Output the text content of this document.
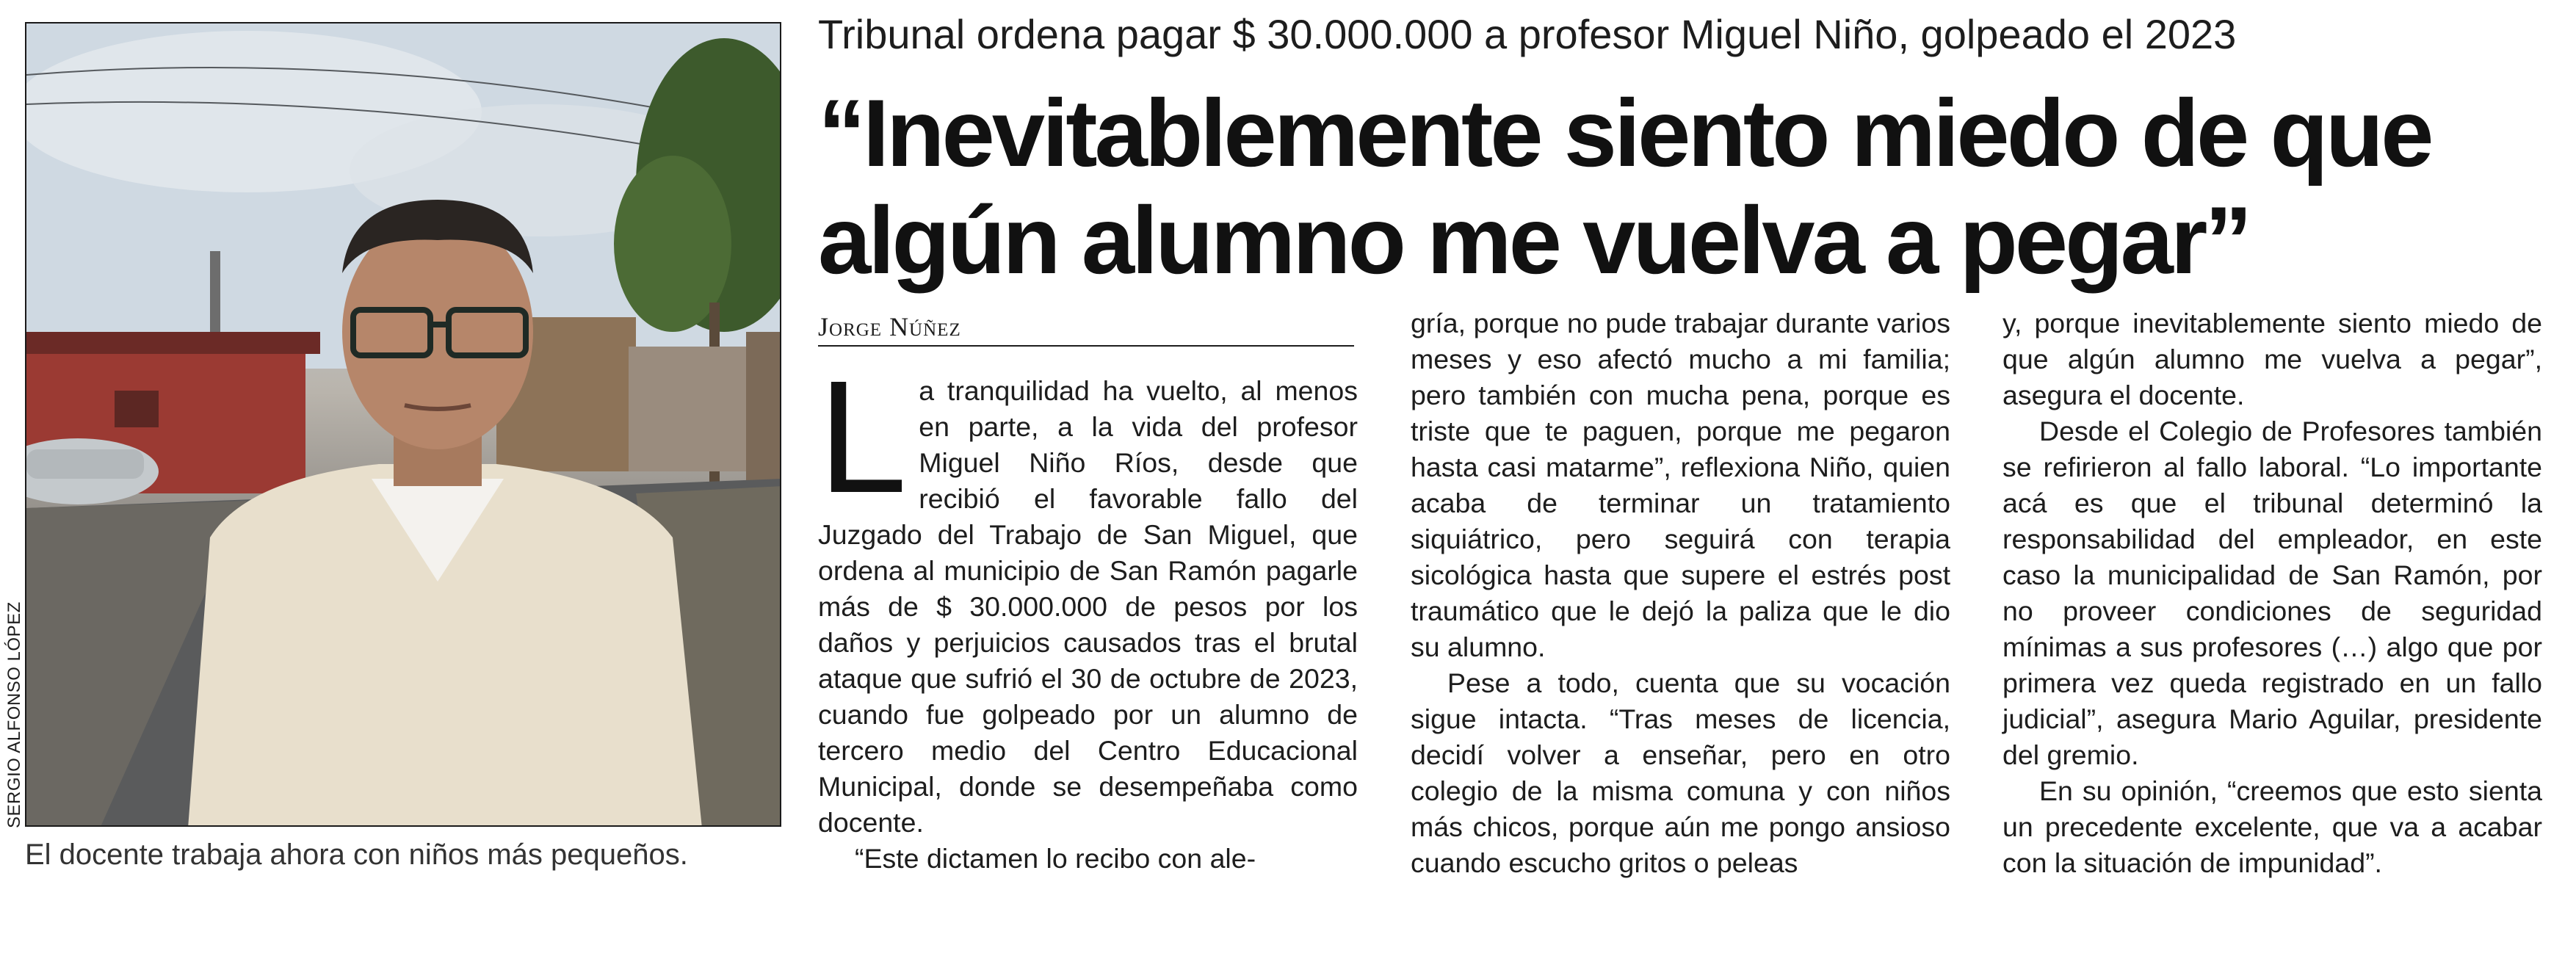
SERGIO ALFONSO LÓPEZ
El docente trabaja ahora con niños más pequeños.
Tribunal ordena pagar $ 30.000.000 a profesor Miguel Niño, golpeado el 2023
“Inevitablemente siento miedo de que algún alumno me vuelva a pegar”
Jorge Núñez

La tranquilidad ha vuelto, al menos en parte, a la vida del profesor Miguel Niño Ríos, desde que recibió el favorable fallo del Juzgado del Trabajo de San Miguel, que ordena al municipio de San Ramón pagarle más de $ 30.000.000 de pesos por los daños y perjuicios causados tras el brutal ataque que sufrió el 30 de octubre de 2023, cuando fue golpeado por un alumno de tercero medio del Centro Educacional Municipal, donde se desempeñaba como docente.

“Este dictamen lo recibo con ale-

gría, porque no pude trabajar durante varios meses y eso afectó mucho a mi familia; pero también con mucha pena, porque es triste que te paguen, porque me pegaron hasta casi matarme”, reflexiona Niño, quien acaba de terminar un tratamiento siquiátrico, pero seguirá con terapia sicológica hasta que supere el estrés post traumático que le dejó la paliza que le dio su alumno.

Pese a todo, cuenta que su vocación sigue intacta. “Tras meses de licencia, decidí volver a enseñar, pero en otro colegio de la misma comuna y con niños más chicos, porque aún me pongo ansioso cuando escucho gritos o peleas

y, porque inevitablemente siento miedo de que algún alumno me vuelva a pegar”, asegura el docente.

Desde el Colegio de Profesores también se refirieron al fallo laboral. “Lo importante acá es que el tribunal determinó la responsabilidad del empleador, en este caso la municipalidad de San Ramón, por no proveer condiciones de seguridad mínimas a sus profesores (…) algo que por primera vez queda registrado en un fallo judicial”, asegura Mario Aguilar, presidente del gremio.

En su opinión, “creemos que esto sienta un precedente excelente, que va a acabar con la situación de impunidad”.
